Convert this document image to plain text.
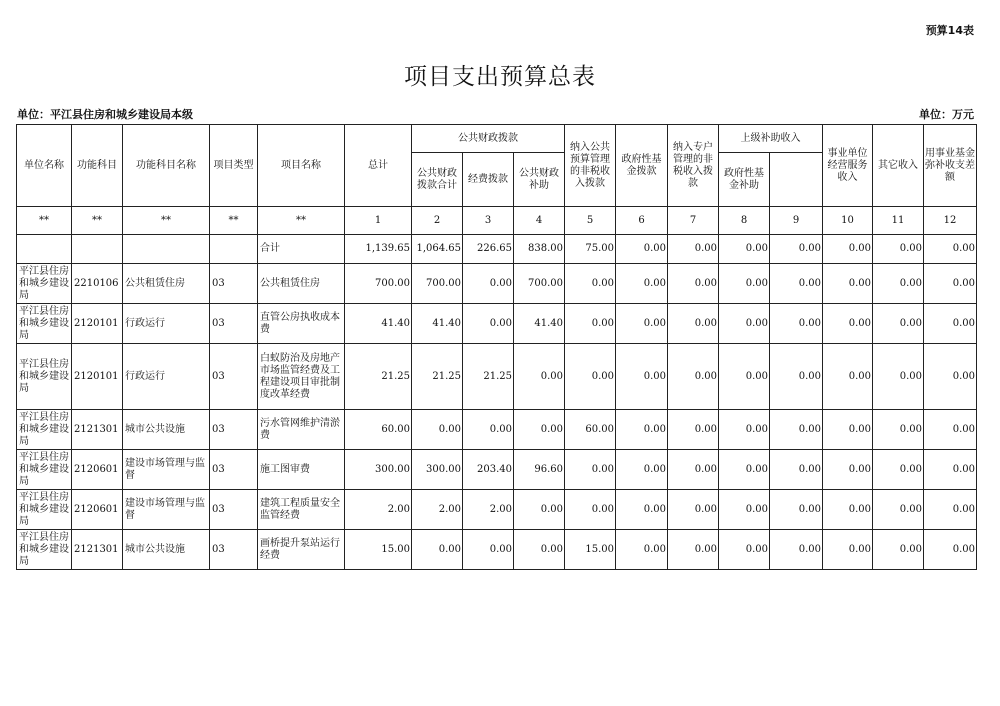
预算14表
项目支出预算总表
单位：平江县住房和城乡建设局本级	单位：万元
单位名称	功能科目	功能科目名称	项目类型	项目名称	总计	公共财政拨款			纳入公共预算管理的非税收入拨款	政府性基金拨款	纳入专户管理的非税收入拨款	上级补助收入		事业单位经营服务收入	其它收入	用事业基金弥补收支差额	
						公共财政拨款合计	经费拨款	公共财政补助				政府性基金补助					
**	**	**	**	**	1	2	3	4	5	6	7	8	9	10	11	12	
				合计	1,139.65	1,064.65	226.65	838.00	75.00	0.00	0.00	0.00	0.00	0.00	0.00	0.00	
平江县住房和城乡建设局	2210106	公共租赁住房	03	公共租赁住房	700.00	700.00	0.00	700.00	0.00	0.00	0.00	0.00	0.00	0.00	0.00	0.00	
平江县住房和城乡建设局	2120101	行政运行	03	直管公房执收成本费	41.40	41.40	0.00	41.40	0.00	0.00	0.00	0.00	0.00	0.00	0.00	0.00	
平江县住房和城乡建设局	2120101	行政运行	03	白蚁防治及房地产市场监管经费及工程建设项目审批制度改革经费	21.25	21.25	21.25	0.00	0.00	0.00	0.00	0.00	0.00	0.00	0.00	0.00	
平江县住房和城乡建设局	2121301	城市公共设施	03	污水管网维护清淤费	60.00	0.00	0.00	0.00	60.00	0.00	0.00	0.00	0.00	0.00	0.00	0.00	
平江县住房和城乡建设局	2120601	建设市场管理与监督	03	施工图审费	300.00	300.00	203.40	96.60	0.00	0.00	0.00	0.00	0.00	0.00	0.00	0.00	
平江县住房和城乡建设局	2120601	建设市场管理与监督	03	建筑工程质量安全监管经费	2.00	2.00	2.00	0.00	0.00	0.00	0.00	0.00	0.00	0.00	0.00	0.00	
平江县住房和城乡建设局	2121301	城市公共设施	03	画桥提升泵站运行经费	15.00	0.00	0.00	0.00	15.00	0.00	0.00	0.00	0.00	0.00	0.00	0.00	
